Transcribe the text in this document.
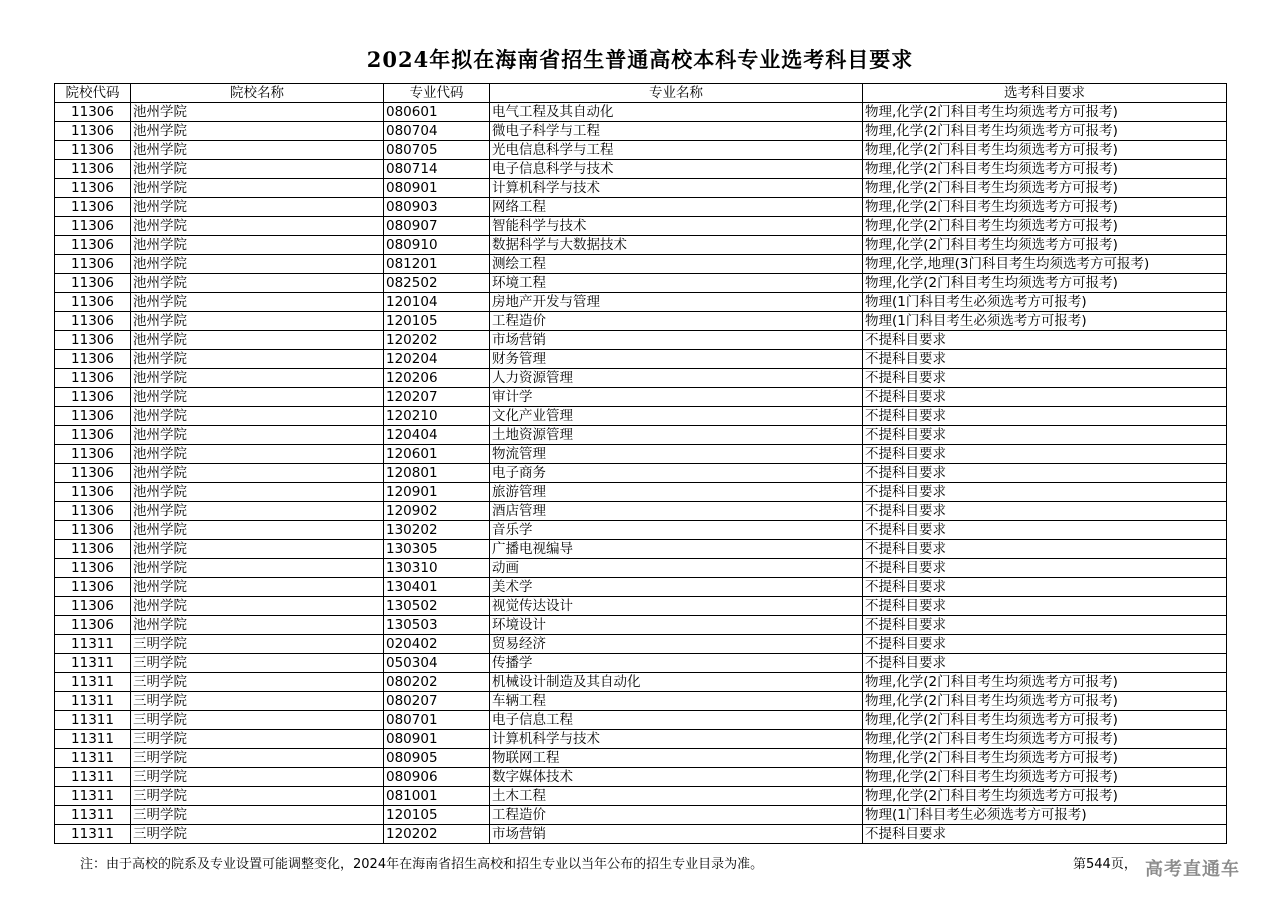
2024年拟在海南省招生普通高校本科专业选考科目要求
院校代码	院校名称	专业代码	专业名称	选考科目要求
11306	池州学院	080601	电气工程及其自动化	物理,化学(2门科目考生均须选考方可报考)
11306	池州学院	080704	微电子科学与工程	物理,化学(2门科目考生均须选考方可报考)
11306	池州学院	080705	光电信息科学与工程	物理,化学(2门科目考生均须选考方可报考)
11306	池州学院	080714	电子信息科学与技术	物理,化学(2门科目考生均须选考方可报考)
11306	池州学院	080901	计算机科学与技术	物理,化学(2门科目考生均须选考方可报考)
11306	池州学院	080903	网络工程	物理,化学(2门科目考生均须选考方可报考)
11306	池州学院	080907	智能科学与技术	物理,化学(2门科目考生均须选考方可报考)
11306	池州学院	080910	数据科学与大数据技术	物理,化学(2门科目考生均须选考方可报考)
11306	池州学院	081201	测绘工程	物理,化学,地理(3门科目考生均须选考方可报考)
11306	池州学院	082502	环境工程	物理,化学(2门科目考生均须选考方可报考)
11306	池州学院	120104	房地产开发与管理	物理(1门科目考生必须选考方可报考)
11306	池州学院	120105	工程造价	物理(1门科目考生必须选考方可报考)
11306	池州学院	120202	市场营销	不提科目要求
11306	池州学院	120204	财务管理	不提科目要求
11306	池州学院	120206	人力资源管理	不提科目要求
11306	池州学院	120207	审计学	不提科目要求
11306	池州学院	120210	文化产业管理	不提科目要求
11306	池州学院	120404	土地资源管理	不提科目要求
11306	池州学院	120601	物流管理	不提科目要求
11306	池州学院	120801	电子商务	不提科目要求
11306	池州学院	120901	旅游管理	不提科目要求
11306	池州学院	120902	酒店管理	不提科目要求
11306	池州学院	130202	音乐学	不提科目要求
11306	池州学院	130305	广播电视编导	不提科目要求
11306	池州学院	130310	动画	不提科目要求
11306	池州学院	130401	美术学	不提科目要求
11306	池州学院	130502	视觉传达设计	不提科目要求
11306	池州学院	130503	环境设计	不提科目要求
11311	三明学院	020402	贸易经济	不提科目要求
11311	三明学院	050304	传播学	不提科目要求
11311	三明学院	080202	机械设计制造及其自动化	物理,化学(2门科目考生均须选考方可报考)
11311	三明学院	080207	车辆工程	物理,化学(2门科目考生均须选考方可报考)
11311	三明学院	080701	电子信息工程	物理,化学(2门科目考生均须选考方可报考)
11311	三明学院	080901	计算机科学与技术	物理,化学(2门科目考生均须选考方可报考)
11311	三明学院	080905	物联网工程	物理,化学(2门科目考生均须选考方可报考)
11311	三明学院	080906	数字媒体技术	物理,化学(2门科目考生均须选考方可报考)
11311	三明学院	081001	土木工程	物理,化学(2门科目考生均须选考方可报考)
11311	三明学院	120105	工程造价	物理(1门科目考生必须选考方可报考)
11311	三明学院	120202	市场营销	不提科目要求
注：由于高校的院系及专业设置可能调整变化，2024年在海南省招生高校和招生专业以当年公布的招生专业目录为准。	第544页， 高考直通车
